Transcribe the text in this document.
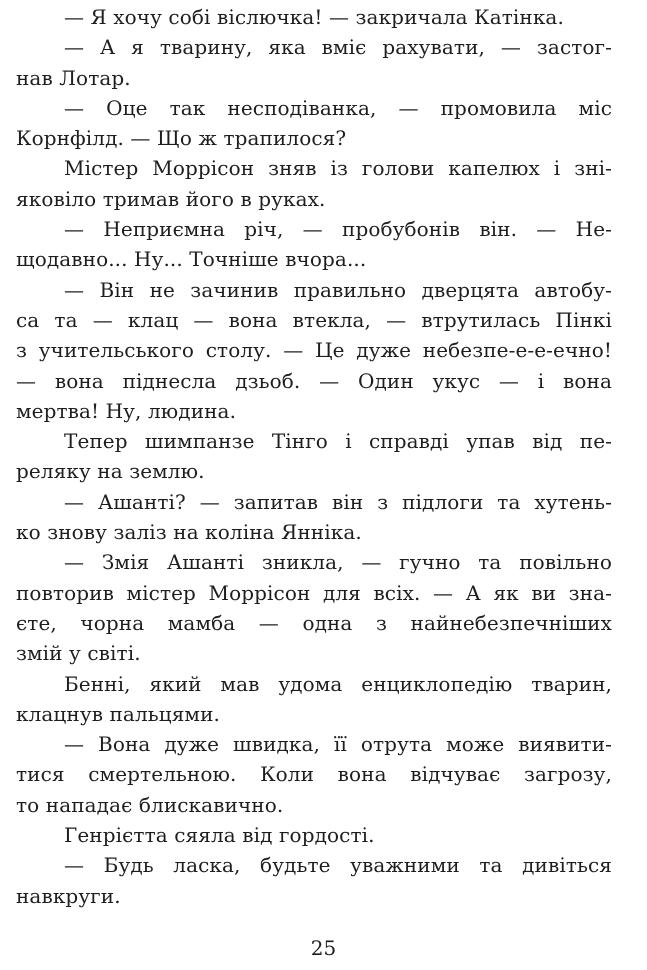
— Я хочу собі віслючка! — закричала Катінка.
— А я тварину, яка вміє рахувати, — застог-
нав Лотар.
— Оце так несподіванка, — промовила міс
Корнфілд. — Що ж трапилося?
Містер Моррісон зняв із голови капелюх і зні-
яковіло тримав його в руках.
— Неприємна річ, — пробубонів він. — Не-
щодавно... Ну... Точніше вчора...
— Він не зачинив правильно дверцята автобу-
са та — клац — вона втекла, — втрутилась Пінкі
з учительського столу. — Це дуже небезпе-е-е-ечно!
— вона піднесла дзьоб. — Один укус — і вона
мертва! Ну, людина.
Тепер шимпанзе Тінго і справді упав від пе-
реляку на землю.
— Ашанті? — запитав він з підлоги та хутень-
ко знову заліз на коліна Янніка.
— Змія Ашанті зникла, — гучно та повільно
повторив містер Моррісон для всіх. — А як ви зна-
єте, чорна мамба — одна з найнебезпечніших
змій у світі.
Бенні, який мав удома енциклопедію тварин,
клацнув пальцями.
— Вона дуже швидка, її отрута може виявити-
тися смертельною. Коли вона відчуває загрозу,
то нападає блискавично.
Генрієтта сяяла від гордості.
— Будь ласка, будьте уважними та дивіться
навкруги.
25
